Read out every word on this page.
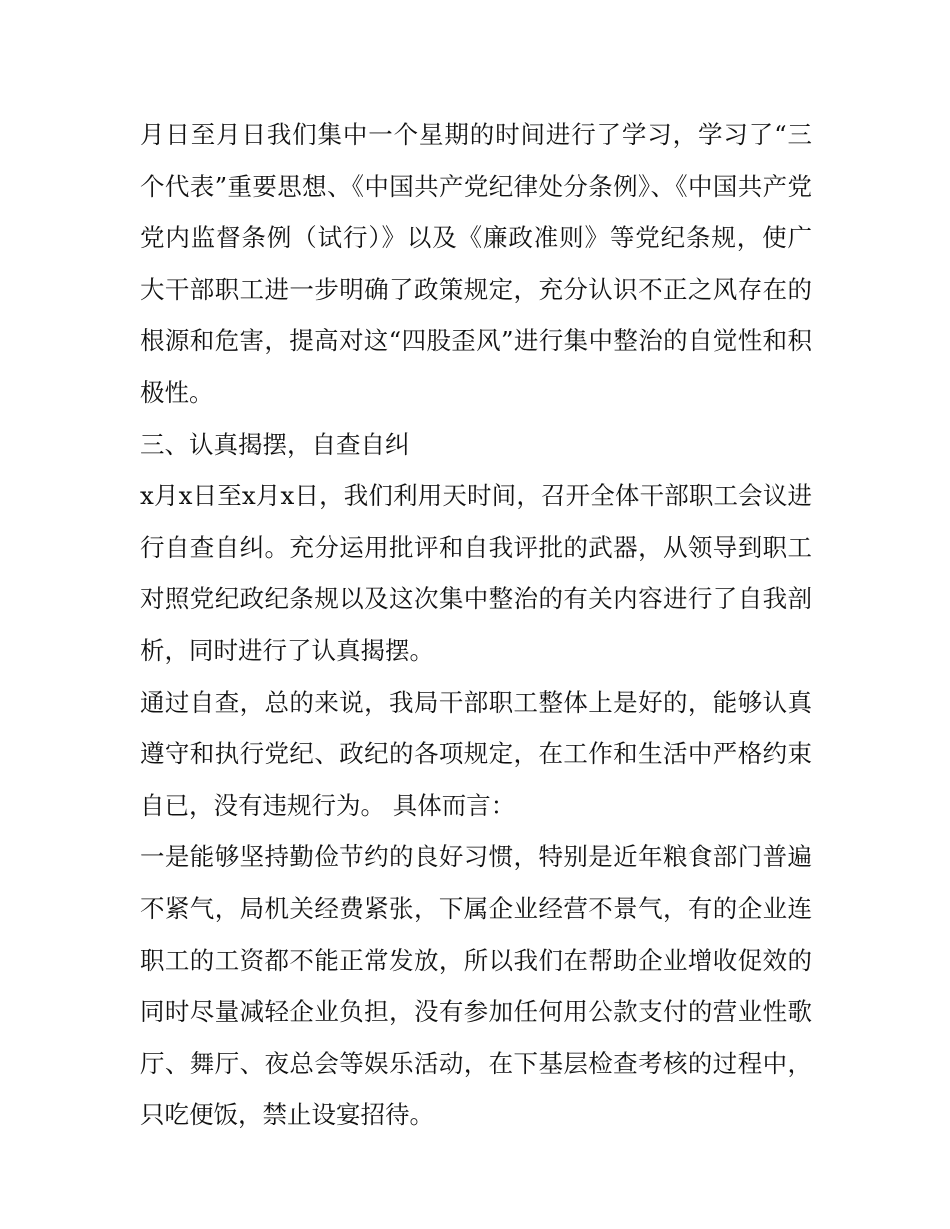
月日至月日我们集中一个星期的时间进行了学习，学习了“三个代表”重要思想、《中国共产党纪律处分条例》、《中国共产党党内监督条例（试行）》以及《廉政准则》等党纪条规，使广大干部职工进一步明确了政策规定，充分认识不正之风存在的根源和危害，提高对这“四股歪风”进行集中整治的自觉性和积极性。

三、认真揭摆，自查自纠

x月x日至x月x日，我们利用天时间，召开全体干部职工会议进行自查自纠。充分运用批评和自我评批的武器，从领导到职工对照党纪政纪条规以及这次集中整治的有关内容进行了自我剖析，同时进行了认真揭摆。

通过自查，总的来说，我局干部职工整体上是好的，能够认真遵守和执行党纪、政纪的各项规定，在工作和生活中严格约束自已，没有违规行为。 具体而言：

一是能够坚持勤俭节约的良好习惯，特别是近年粮食部门普遍不紧气，局机关经费紧张，下属企业经营不景气，有的企业连职工的工资都不能正常发放，所以我们在帮助企业增收促效的同时尽量减轻企业负担，没有参加任何用公款支付的营业性歌厅、舞厅、夜总会等娱乐活动，在下基层检查考核的过程中，只吃便饭，禁止设宴招待。
